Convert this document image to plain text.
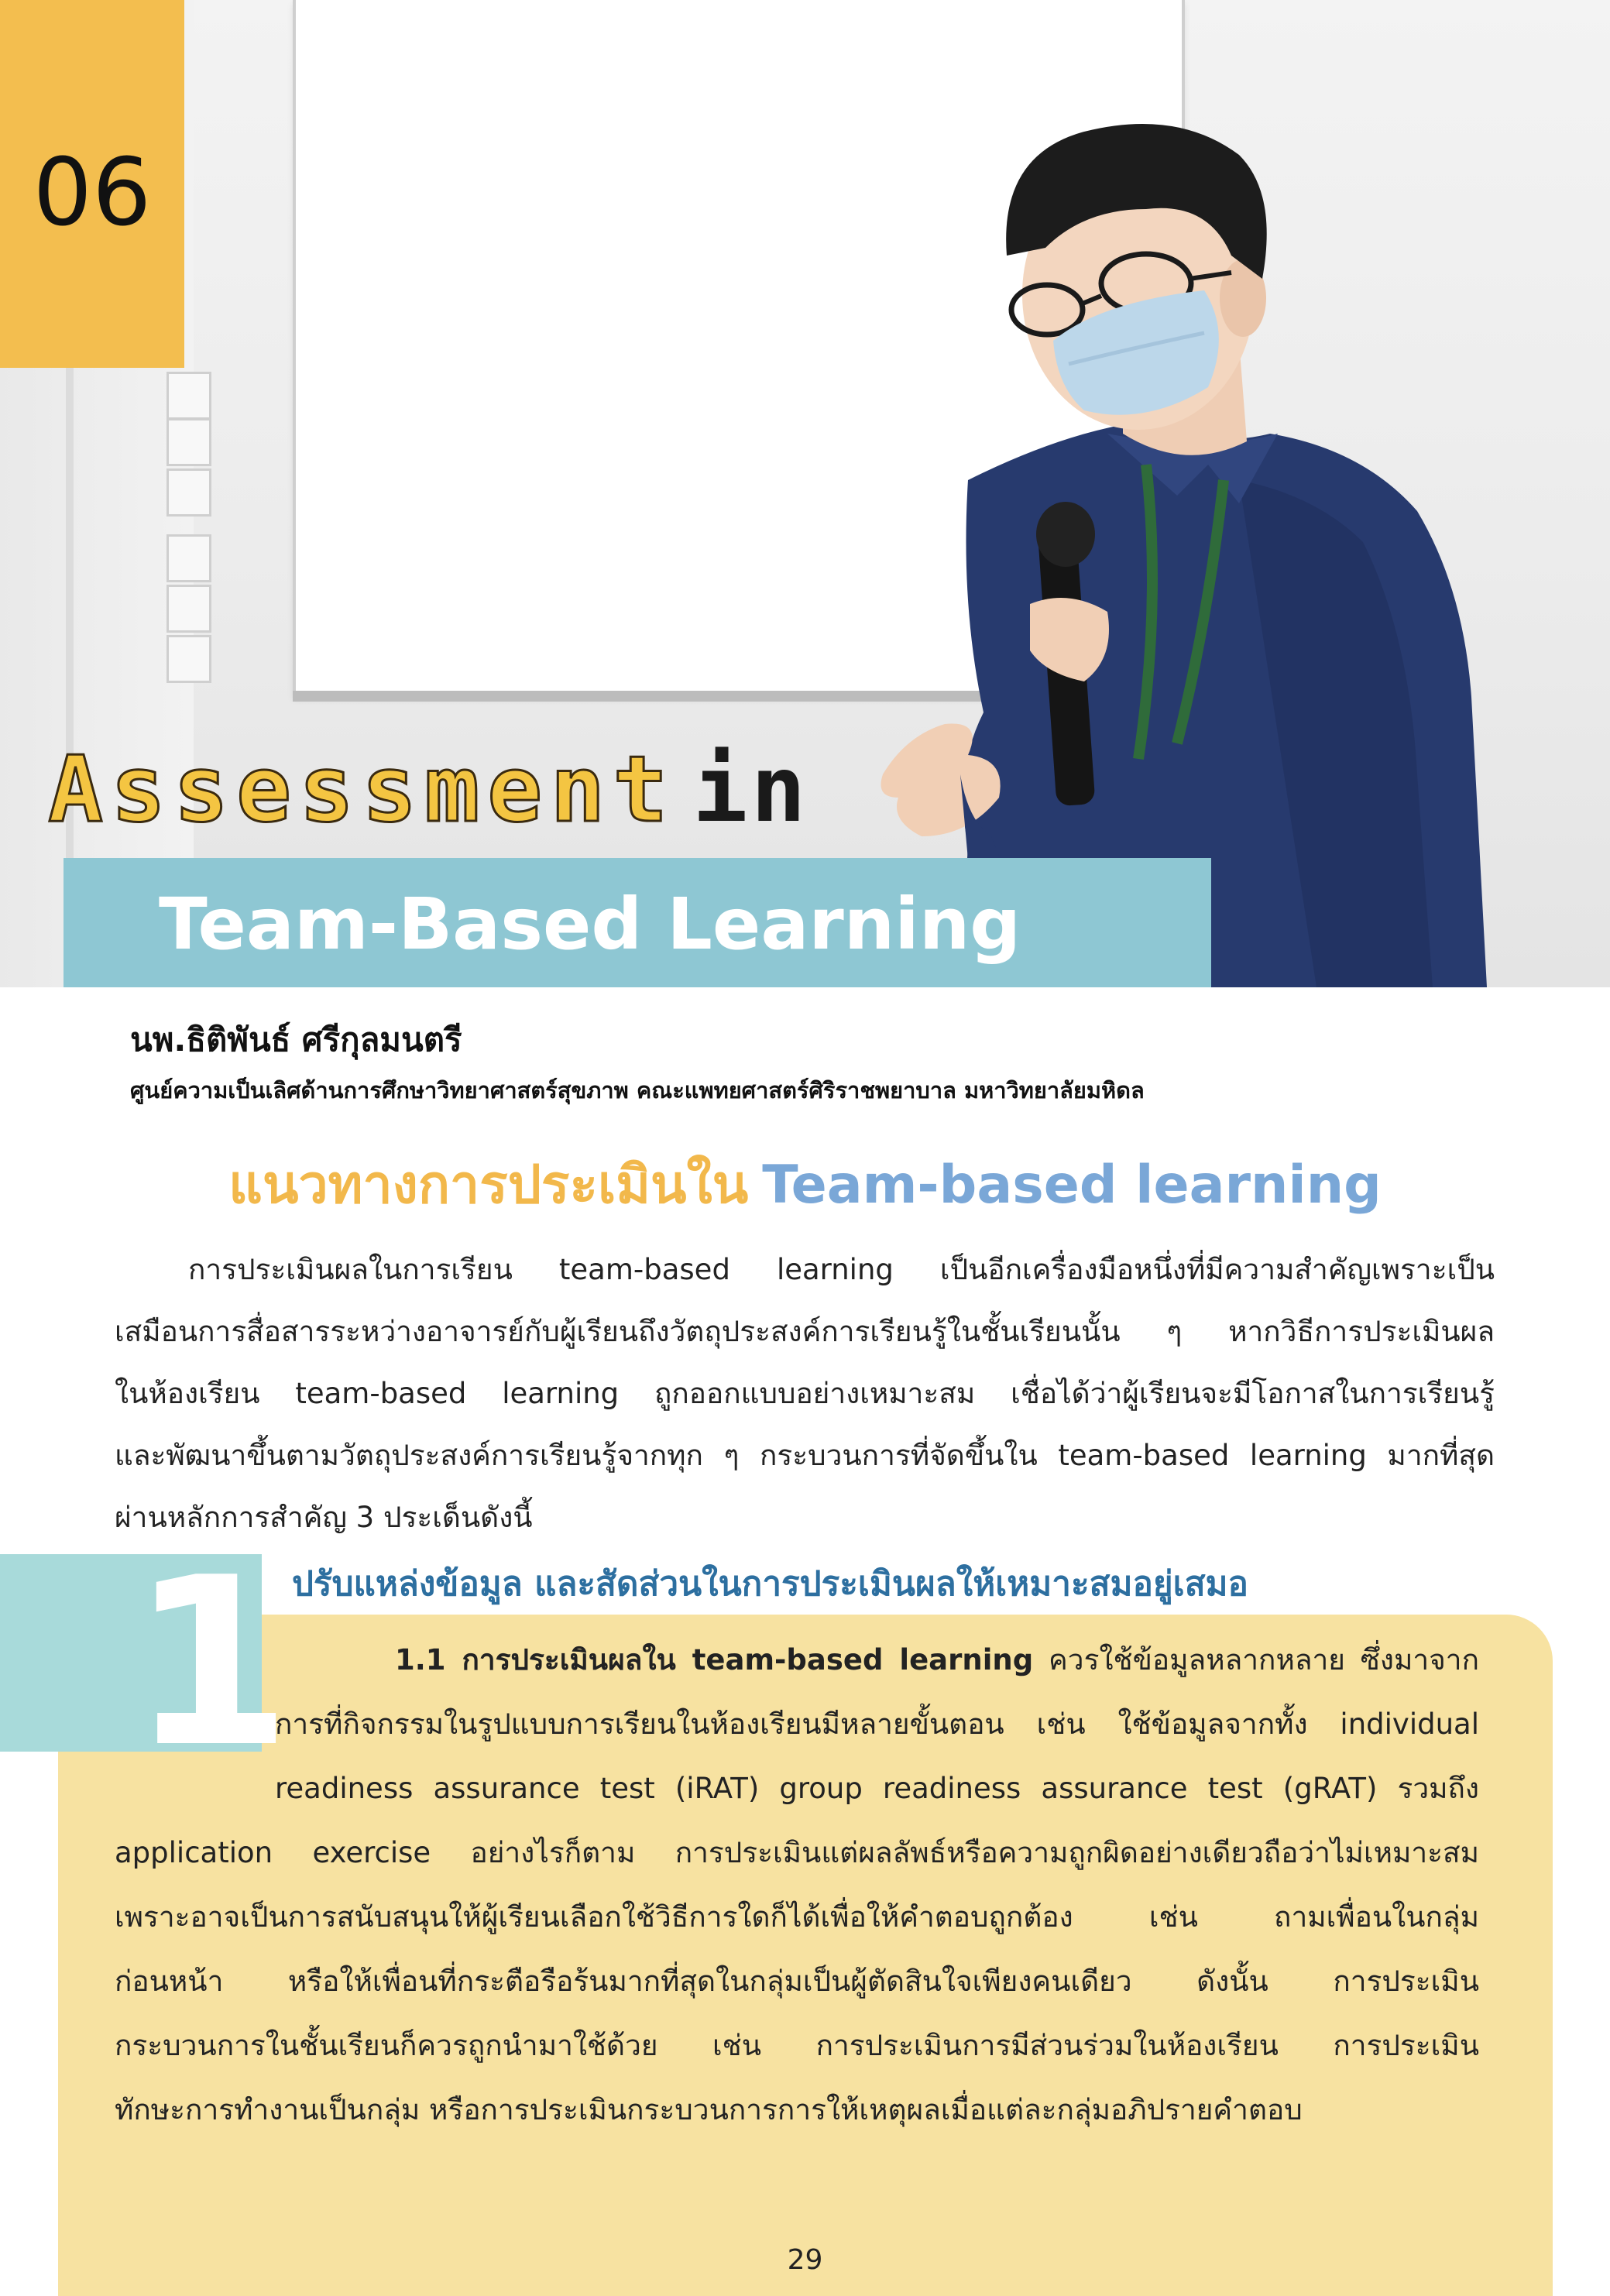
06
Assessment in
Team-Based Learning
นพ.ธิติพันธ์ ศรีกุลมนตรี
ศูนย์ความเป็นเลิศด้านการศึกษาวิทยาศาสตร์สุขภาพ คณะแพทยศาสตร์ศิริราชพยาบาล มหาวิทยาลัยมหิดล
แนวทางการประเมินใน Team-based learning
การประเมินผลในการเรียน team-based learning เป็นอีกเครื่องมือหนึ่งที่มีความสำคัญเพราะเป็น
เสมือนการสื่อสารระหว่างอาจารย์กับผู้เรียนถึงวัตถุประสงค์การเรียนรู้ในชั้นเรียนนั้น ๆ หากวิธีการประเมินผล
ในห้องเรียน team-based learning ถูกออกแบบอย่างเหมาะสม เชื่อได้ว่าผู้เรียนจะมีโอกาสในการเรียนรู้
และพัฒนาขึ้นตามวัตถุประสงค์การเรียนรู้จากทุก ๆ กระบวนการที่จัดขึ้นใน team-based learning มากที่สุด
ผ่านหลักการสำคัญ 3 ประเด็นดังนี้
1 ปรับแหล่งข้อมูล และสัดส่วนในการประเมินผลให้เหมาะสมอยู่เสมอ
1.1 การประเมินผลใน team-based learning ควรใช้ข้อมูลหลากหลาย ซึ่งมาจาก
การที่กิจกรรมในรูปแบบการเรียนในห้องเรียนมีหลายขั้นตอน เช่น ใช้ข้อมูลจากทั้ง individual
readiness assurance test (iRAT) group readiness assurance test (gRAT) รวมถึง
application exercise อย่างไรก็ตาม การประเมินแต่ผลลัพธ์หรือความถูกผิดอย่างเดียวถือว่าไม่เหมาะสม
เพราะอาจเป็นการสนับสนุนให้ผู้เรียนเลือกใช้วิธีการใดก็ได้เพื่อให้คำตอบถูกต้อง เช่น ถามเพื่อนในกลุ่ม
ก่อนหน้า หรือให้เพื่อนที่กระตือรือร้นมากที่สุดในกลุ่มเป็นผู้ตัดสินใจเพียงคนเดียว ดังนั้น การประเมิน
กระบวนการในชั้นเรียนก็ควรถูกนำมาใช้ด้วย เช่น การประเมินการมีส่วนร่วมในห้องเรียน การประเมิน
ทักษะการทำงานเป็นกลุ่ม หรือการประเมินกระบวนการการให้เหตุผลเมื่อแต่ละกลุ่มอภิปรายคำตอบ
29
